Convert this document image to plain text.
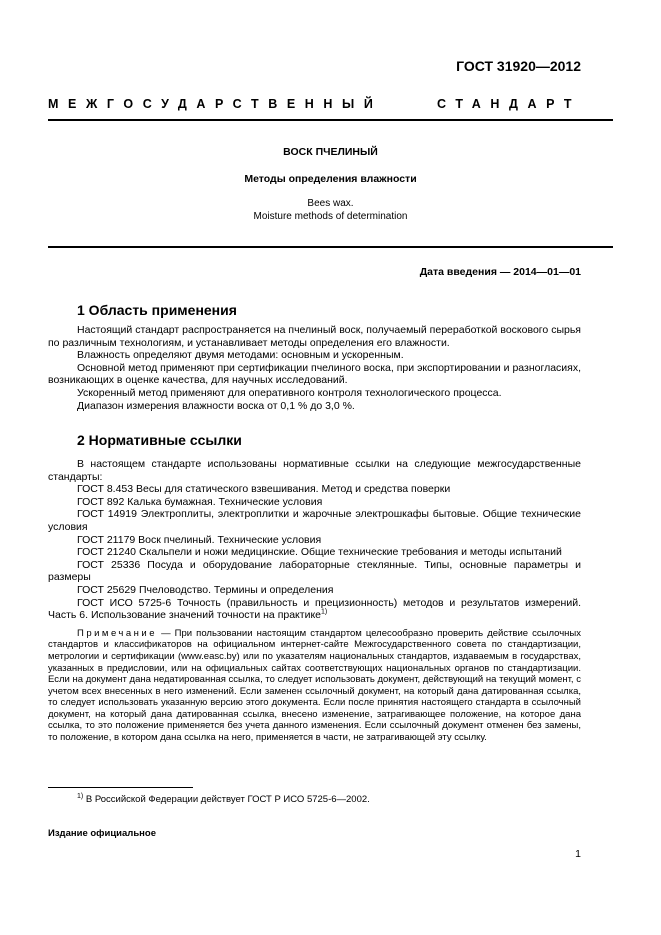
ГОСТ 31920—2012
МЕЖГОСУДАРСТВЕННЫЙ	СТАНДАРТ
ВОСК ПЧЕЛИНЫЙ
Методы определения влажности
Bees wax.
Moisture methods of determination
Дата введения — 2014—01—01
1 Область применения

Настоящий стандарт распространяется на пчелиный воск, получаемый переработкой воскового сырья по различным технологиям, и устанавливает методы определения его влажности.

Влажность определяют двумя методами: основным и ускоренным.

Основной метод применяют при сертификации пчелиного воска, при экспортировании и разногласиях, возникающих в оценке качества, для научных исследований.

Ускоренный метод применяют для оперативного контроля технологического процесса.

Диапазон измерения влажности воска от 0,1 % до 3,0 %.

2 Нормативные ссылки

В настоящем стандарте использованы нормативные ссылки на следующие межгосударственные стандарты:

ГОСТ 8.453 Весы для статического взвешивания. Метод и средства поверки

ГОСТ 892 Калька бумажная. Технические условия

ГОСТ 14919 Электроплиты, электроплитки и жарочные электрошкафы бытовые. Общие технические условия

ГОСТ 21179 Воск пчелиный. Технические условия

ГОСТ 21240 Скальпели и ножи медицинские. Общие технические требования и методы испытаний

ГОСТ 25336 Посуда и оборудование лабораторные стеклянные. Типы, основные параметры и размеры

ГОСТ 25629 Пчеловодство. Термины и определения

ГОСТ ИСО 5725-6 Точность (правильность и прецизионность) методов и результатов измерений. Часть 6. Использование значений точности на практике$^{1)}$

Примечание — При пользовании настоящим стандартом целесообразно проверить действие ссылочных стандартов и классификаторов на официальном интернет-сайте Межгосударственного совета по стандартизации, метрологии и сертификации (www.easc.by) или по указателям национальных стандартов, издаваемым в государствах, указанных в предисловии, или на официальных сайтах соответствующих национальных органов по стандартизации. Если на документ дана недатированная ссылка, то следует использовать документ, действующий на текущий момент, с учетом всех внесенных в него изменений. Если заменен ссылочный документ, на который дана датированная ссылка, то следует использовать указанную версию этого документа. Если после принятия настоящего стандарта в ссылочный документ, на который дана датированная ссылка, внесено изменение, затрагивающее положение, на которое дана ссылка, то это положение применяется без учета данного изменения. Если ссылочный документ отменен без замены, то положение, в котором дана ссылка на него, применяется в части, не затрагивающей эту ссылку.

$^{1)}$ В Российской Федерации действует ГОСТ Р ИСО 5725-6—2002.
Издание официальное
1
